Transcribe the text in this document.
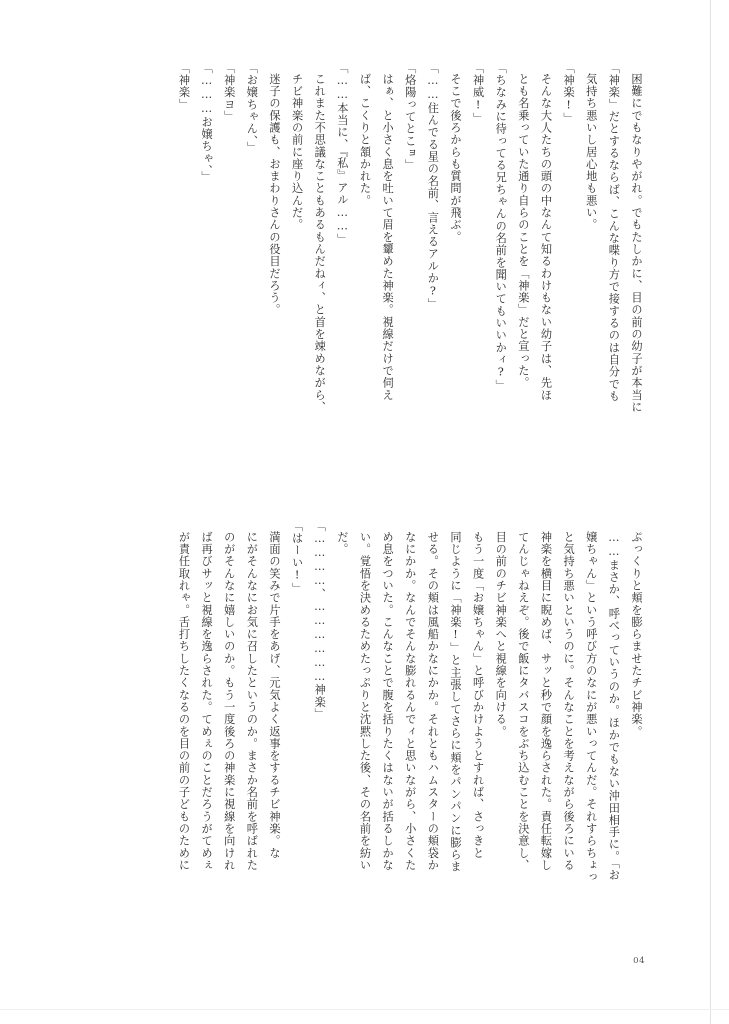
困難にでもなりやがれ。でもたしかに、目の前の幼子が本当に

「神楽」だとするならば、こんな喋り方で接するのは自分でも

気持ち悪いし居心地も悪い。

「神楽!」

そんな大人たちの頭の中なんて知るわけもない幼子は、先ほ

とも名乗っていた通り自らのことを「神楽」だと宣った。

「ちなみに待ってる兄ちゃんの名前を聞いてもいいかィ?」

「神威!」

そこで後ろからも質問が飛ぶ。

「……住んでる星の名前、言えるアルか?」

「烙陽ってとこョ」

はぁ、と小さく息を吐いて眉を顰めた神楽。視線だけで伺え

ば、こくりと頷かれた。

「……本当に、『私』アル……」

これまた不思議なこともあるもんだねィ、と首を竦めながら、

チビ神楽の前に座り込んだ。

迷子の保護も、おまわりさんの役目だろう。

「お嬢ちゃん、」

「神楽ヨ」

「………お嬢ちゃ、」

「神楽」

ぷっくりと頬を膨らませたチビ神楽。

……まさか、呼べっていうのか。ほかでもない沖田相手に。「お

嬢ちゃん」という呼び方のなにが悪いってんだ。それすらちょっ

と気持ち悪いというのに。そんなことを考えながら後ろにいる

神楽を横目に睨めば、サッと秒で顔を逸らされた。責任転嫁し

てんじゃねえぞ。後で飯にタバスコをぶち込むことを決意し、

目の前のチビ神楽へと視線を向ける。

もう一度「お嬢ちゃん」と呼びかけようとすれば、さっきと

同じように「神楽!」と主張してさらに頬をパンパンに膨らま

せる。その頬は風船かなにかか。それともハムスターの頬袋か

なにかか。なんでそんな膨れるんでィと思いながら、小さくた

め息をついた。こんなことで腹を括りたくはないが括るしかな

い。覚悟を決めるためたっぷりと沈黙した後、その名前を紡い

だ。

「…………、………………神楽」

「はーい!」

満面の笑みで片手をあげ、元気よく返事をするチビ神楽。な

にがそんなにお気に召したというのか。まさか名前を呼ばれた

のがそんなに嬉しいのか。もう一度後ろの神楽に視線を向けれ

ば再びサッと視線を逸らされた。てめぇのことだろうがてめぇ

が責任取れゃ。舌打ちしたくなるのを目の前の子どものために

04
